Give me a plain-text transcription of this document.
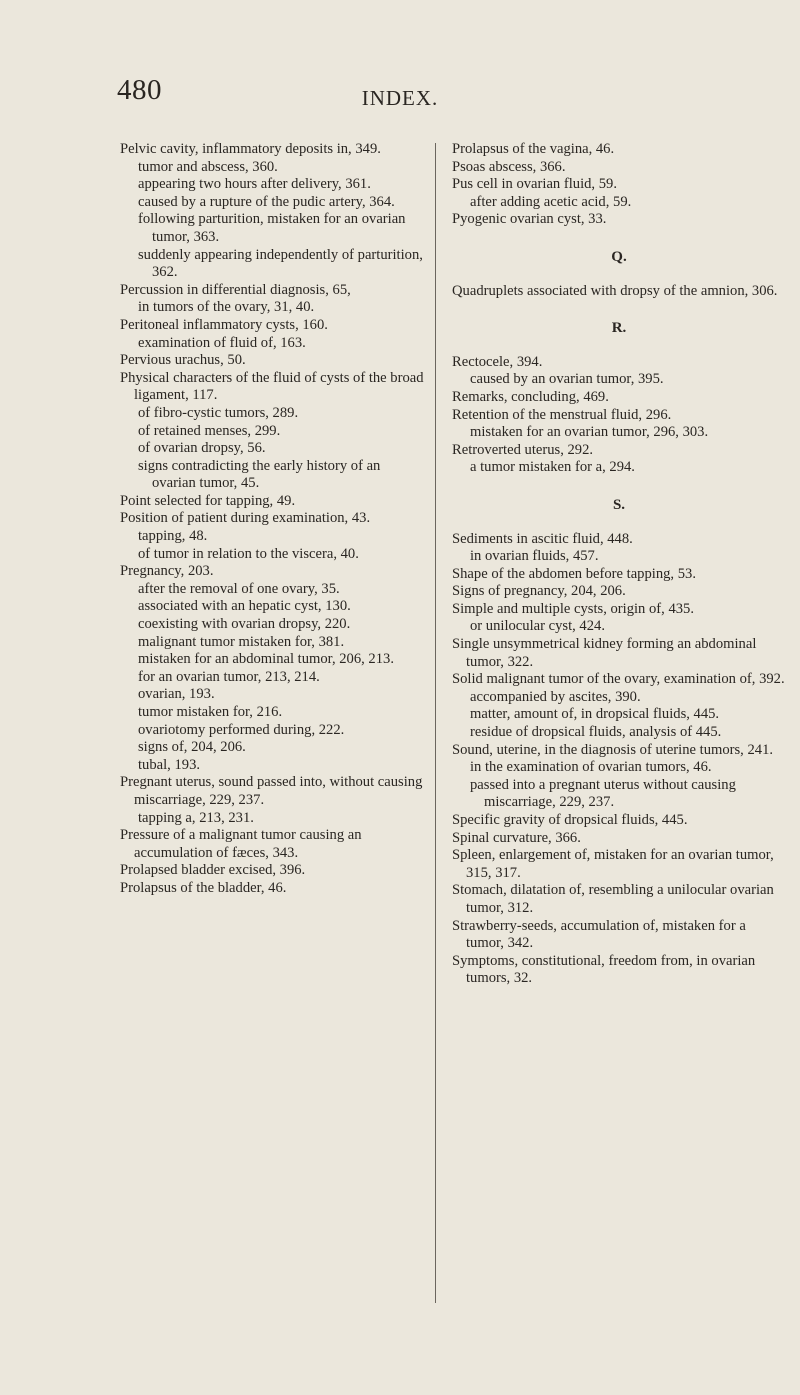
480	INDEX.
Pelvic cavity, inflammatory deposits in, 349.
tumor and abscess, 360.
appearing two hours after delivery, 361.
caused by a rupture of the pudic artery, 364.
following parturition, mistaken for an ovarian tumor, 363.
suddenly appearing independently of parturition, 362.
Percussion in differential diagnosis, 65,
in tumors of the ovary, 31, 40.
Peritoneal inflammatory cysts, 160.
examination of fluid of, 163.
Pervious urachus, 50.
Physical characters of the fluid of cysts of the broad ligament, 117.
of fibro-cystic tumors, 289.
of retained menses, 299.
of ovarian dropsy, 56.
signs contradicting the early history of an ovarian tumor, 45.
Point selected for tapping, 49.
Position of patient during examination, 43.
tapping, 48.
of tumor in relation to the viscera, 40.
Pregnancy, 203.
after the removal of one ovary, 35.
associated with an hepatic cyst, 130.
coexisting with ovarian dropsy, 220.
malignant tumor mistaken for, 381.
mistaken for an abdominal tumor, 206, 213.
for an ovarian tumor, 213, 214.
ovarian, 193.
tumor mistaken for, 216.
ovariotomy performed during, 222.
signs of, 204, 206.
tubal, 193.
Pregnant uterus, sound passed into, without causing miscarriage, 229, 237.
tapping a, 213, 231.
Pressure of a malignant tumor causing an accumulation of fæces, 343.
Prolapsed bladder excised, 396.
Prolapsus of the bladder, 46.
Prolapsus of the vagina, 46.
Psoas abscess, 366.
Pus cell in ovarian fluid, 59.
after adding acetic acid, 59.
Pyogenic ovarian cyst, 33.
Q.
Quadruplets associated with dropsy of the amnion, 306.
R.
Rectocele, 394.
caused by an ovarian tumor, 395.
Remarks, concluding, 469.
Retention of the menstrual fluid, 296.
mistaken for an ovarian tumor, 296, 303.
Retroverted uterus, 292.
a tumor mistaken for a, 294.
S.
Sediments in ascitic fluid, 448.
in ovarian fluids, 457.
Shape of the abdomen before tapping, 53.
Signs of pregnancy, 204, 206.
Simple and multiple cysts, origin of, 435.
or unilocular cyst, 424.
Single unsymmetrical kidney forming an abdominal tumor, 322.
Solid malignant tumor of the ovary, examination of, 392.
accompanied by ascites, 390.
matter, amount of, in dropsical fluids, 445.
residue of dropsical fluids, analysis of 445.
Sound, uterine, in the diagnosis of uterine tumors, 241.
in the examination of ovarian tumors, 46.
passed into a pregnant uterus without causing miscarriage, 229, 237.
Specific gravity of dropsical fluids, 445.
Spinal curvature, 366.
Spleen, enlargement of, mistaken for an ovarian tumor, 315, 317.
Stomach, dilatation of, resembling a unilocular ovarian tumor, 312.
Strawberry-seeds, accumulation of, mistaken for a tumor, 342.
Symptoms, constitutional, freedom from, in ovarian tumors, 32.
